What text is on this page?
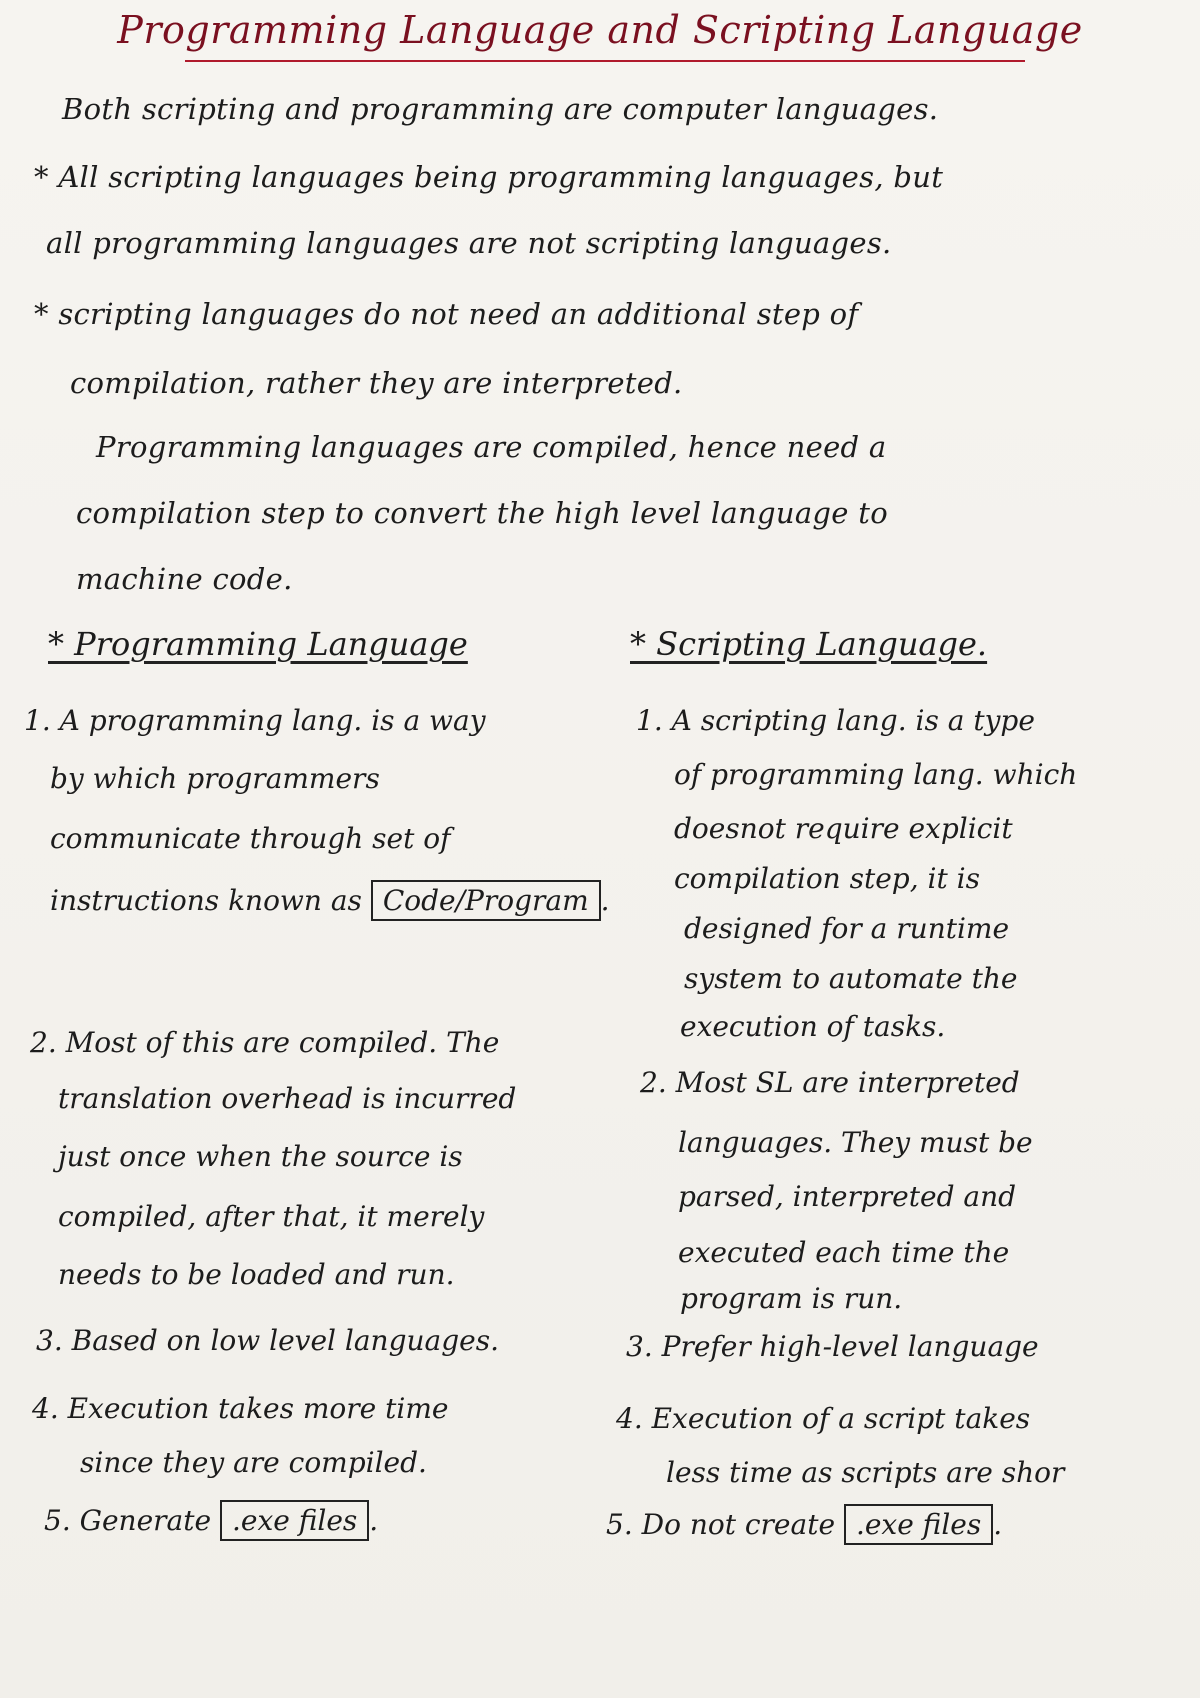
Programming Language and Scripting Language
Both scripting and programming are computer languages.
* All scripting languages being programming languages, but
all programming languages are not scripting languages.
* scripting languages do not need an additional step of
compilation, rather they are interpreted.
Programming languages are compiled, hence need a
compilation step to convert the high level language to
machine code.
* Programming Language	* Scripting Language.
1. A programming lang. is a way
by which programmers
communicate through set of
instructions known as Code/Program .
2. Most of this are compiled. The
translation overhead is incurred
just once when the source is
compiled, after that, it merely
needs to be loaded and run.
3. Based on low level languages.
4. Execution takes more time
since they are compiled.
5. Generate .exe files .
1. A scripting lang. is a type
of programming lang. which
doesnot require explicit
compilation step, it is
designed for a runtime
system to automate the
execution of tasks.
2. Most SL are interpreted
languages. They must be
parsed, interpreted and
executed each time the
program is run.
3. Prefer high-level language
4. Execution of a script takes
less time as scripts are shor
5. Do not create .exe files .
